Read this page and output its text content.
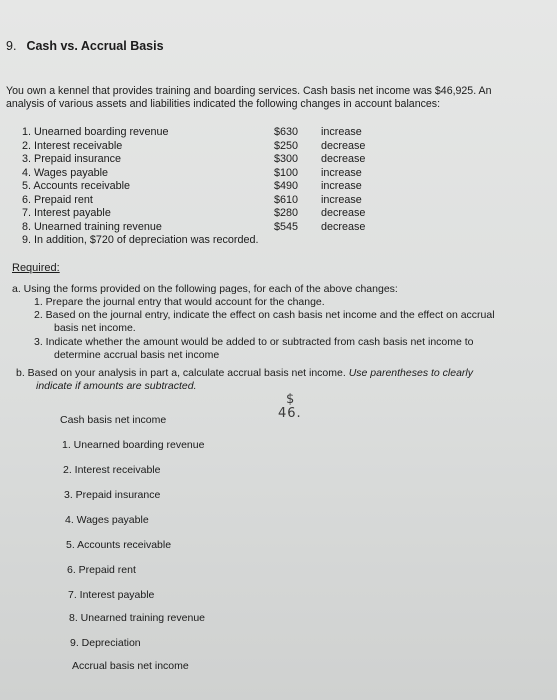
9. Cash vs. Accrual Basis
You own a kennel that provides training and boarding services. Cash basis net income was $46,925. An
analysis of various assets and liabilities indicated the following changes in account balances:
1. Unearned boarding revenue	$630 increase
2. Interest receivable	$250 decrease
3. Prepaid insurance	$300 decrease
4. Wages payable	$100 increase
5. Accounts receivable	$490 increase
6. Prepaid rent	$610 increase
7. Interest payable	$280 decrease
8. Unearned training revenue	$545 decrease
9. In addition, $720 of depreciation was recorded.
Required:
a. Using the forms provided on the following pages, for each of the above changes:
1. Prepare the journal entry that would account for the change.
2. Based on the journal entry, indicate the effect on cash basis net income and the effect on accrual
basis net income.
3. Indicate whether the amount would be added to or subtracted from cash basis net income to
determine accrual basis net income
b. Based on your analysis in part a, calculate accrual basis net income. Use parentheses to clearly
indicate if amounts are subtracted.
$
46.
Cash basis net income
1. Unearned boarding revenue
2. Interest receivable
3. Prepaid insurance
4. Wages payable
5. Accounts receivable
6. Prepaid rent
7. Interest payable
8. Unearned training revenue
9. Depreciation
Accrual basis net income
